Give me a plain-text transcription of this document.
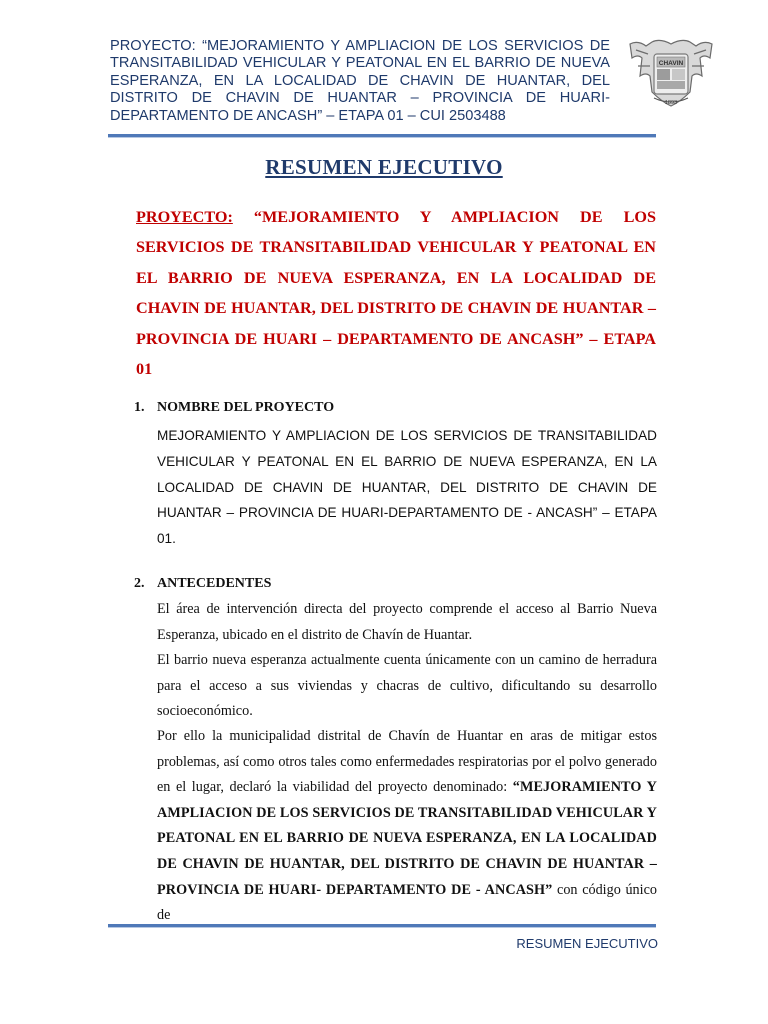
PROYECTO: “MEJORAMIENTO Y AMPLIACION DE LOS SERVICIOS DE TRANSITABILIDAD VEHICULAR Y PEATONAL EN EL BARRIO DE NUEVA ESPERANZA, EN LA LOCALIDAD DE CHAVIN DE HUANTAR, DEL DISTRITO DE CHAVIN DE HUANTAR – PROVINCIA DE HUARI-DEPARTAMENTO DE ANCASH” – ETAPA 01 – CUI 2503488
CHAVIN
1893
RESUMEN EJECUTIVO
PROYECTO: “MEJORAMIENTO Y AMPLIACION DE LOS SERVICIOS DE TRANSITABILIDAD VEHICULAR Y PEATONAL EN EL BARRIO DE NUEVA ESPERANZA, EN LA LOCALIDAD DE CHAVIN DE HUANTAR, DEL DISTRITO DE CHAVIN DE HUANTAR – PROVINCIA DE HUARI – DEPARTAMENTO DE ANCASH” – ETAPA 01
1. NOMBRE DEL PROYECTO
MEJORAMIENTO Y AMPLIACION DE LOS SERVICIOS DE TRANSITABILIDAD VEHICULAR Y PEATONAL EN EL BARRIO DE NUEVA ESPERANZA, EN LA LOCALIDAD DE CHAVIN DE HUANTAR, DEL DISTRITO DE CHAVIN DE HUANTAR – PROVINCIA DE HUARI-DEPARTAMENTO DE - ANCASH” – ETAPA 01.
2. ANTECEDENTES
El área de intervención directa del proyecto comprende el acceso al Barrio Nueva Esperanza, ubicado en el distrito de Chavín de Huantar.
El barrio nueva esperanza actualmente cuenta únicamente con un camino de herradura para el acceso a sus viviendas y chacras de cultivo, dificultando su desarrollo socioeconómico.
Por ello la municipalidad distrital de Chavín de Huantar en aras de mitigar estos problemas, así como otros tales como enfermedades respiratorias por el polvo generado en el lugar, declaró la viabilidad del proyecto denominado: “MEJORAMIENTO Y AMPLIACION DE LOS SERVICIOS DE TRANSITABILIDAD VEHICULAR Y PEATONAL EN EL BARRIO DE NUEVA ESPERANZA, EN LA LOCALIDAD DE CHAVIN DE HUANTAR, DEL DISTRITO DE CHAVIN DE HUANTAR – PROVINCIA DE HUARI- DEPARTAMENTO DE - ANCASH” con código único de
RESUMEN EJECUTIVO
